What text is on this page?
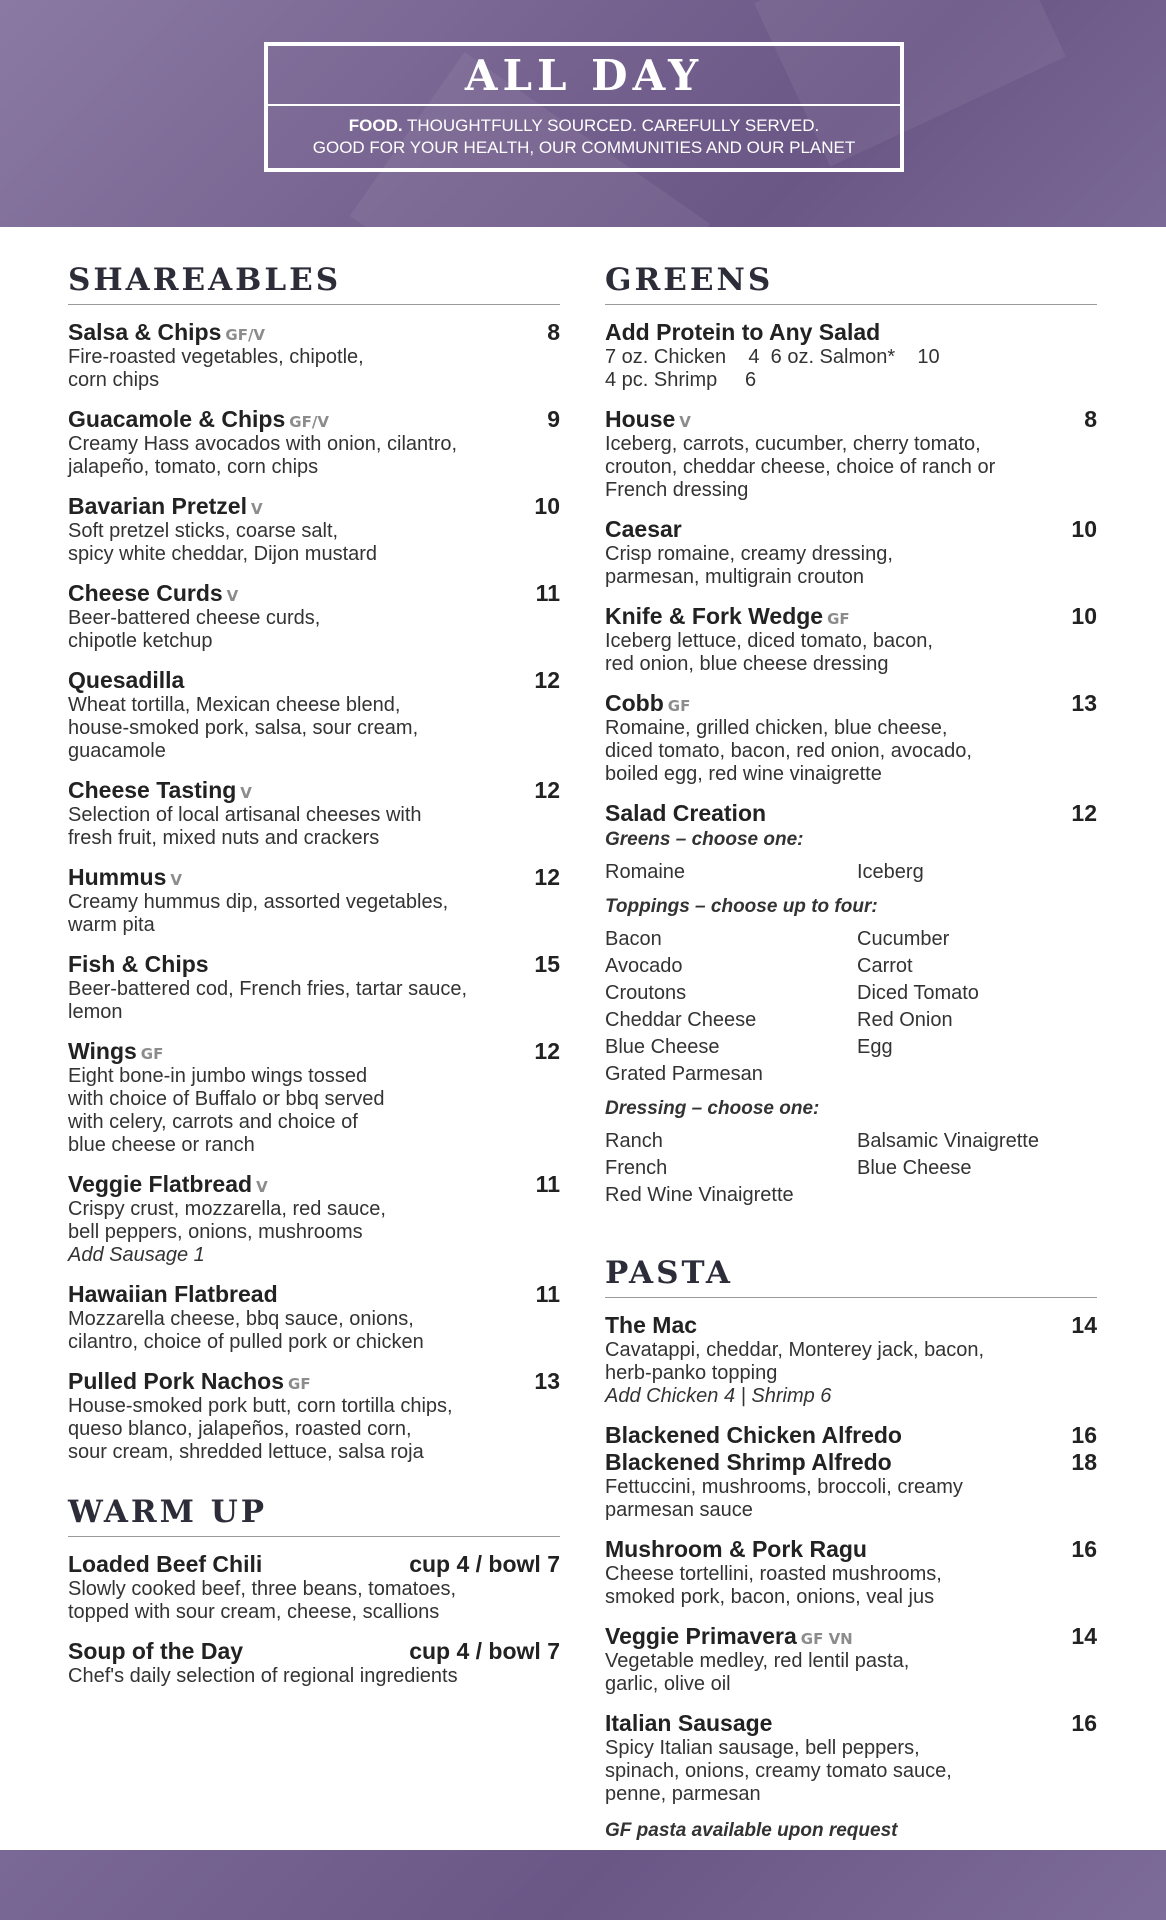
ALL DAY
FOOD. THOUGHTFULLY SOURCED. CAREFULLY SERVED.
GOOD FOR YOUR HEALTH, OUR COMMUNITIES AND OUR PLANET
SHAREABLES
Salsa & Chips GF/V	8
Fire-roasted vegetables, chipotle,
corn chips
Guacamole & Chips GF/V	9
Creamy Hass avocados with onion, cilantro,
jalapeño, tomato, corn chips
Bavarian Pretzel V	10
Soft pretzel sticks, coarse salt,
spicy white cheddar, Dijon mustard
Cheese Curds V	11
Beer-battered cheese curds,
chipotle ketchup
Quesadilla	12
Wheat tortilla, Mexican cheese blend,
house-smoked pork, salsa, sour cream,
guacamole
Cheese Tasting V	12
Selection of local artisanal cheeses with
fresh fruit, mixed nuts and crackers
Hummus V	12
Creamy hummus dip, assorted vegetables,
warm pita
Fish & Chips	15
Beer-battered cod, French fries, tartar sauce,
lemon
Wings GF	12
Eight bone-in jumbo wings tossed
with choice of Buffalo or bbq served
with celery, carrots and choice of
blue cheese or ranch
Veggie Flatbread V	11
Crispy crust, mozzarella, red sauce,
bell peppers, onions, mushrooms
Add Sausage 1
Hawaiian Flatbread	11
Mozzarella cheese, bbq sauce, onions,
cilantro, choice of pulled pork or chicken
Pulled Pork Nachos GF	13
House-smoked pork butt, corn tortilla chips,
queso blanco, jalapeños, roasted corn,
sour cream, shredded lettuce, salsa roja
WARM UP
Loaded Beef Chili	cup 4 / bowl 7
Slowly cooked beef, three beans, tomatoes,
topped with sour cream, cheese, scallions
Soup of the Day	cup 4 / bowl 7
Chef's daily selection of regional ingredients
GREENS
Add Protein to Any Salad
7 oz. Chicken    4  6 oz. Salmon*    10
4 pc. Shrimp     6
House V	8
Iceberg, carrots, cucumber, cherry tomato,
crouton, cheddar cheese, choice of ranch or
French dressing
Caesar	10
Crisp romaine, creamy dressing,
parmesan, multigrain crouton
Knife & Fork Wedge GF	10
Iceberg lettuce, diced tomato, bacon,
red onion, blue cheese dressing
Cobb GF	13
Romaine, grilled chicken, blue cheese,
diced tomato, bacon, red onion, avocado,
boiled egg, red wine vinaigrette
Salad Creation	12
Greens – choose one:
Romaine	Iceberg
Toppings – choose up to four:
Bacon	Cucumber
Avocado	Carrot
Croutons	Diced Tomato
Cheddar Cheese	Red Onion
Blue Cheese	Egg
Grated Parmesan
Dressing – choose one:
Ranch	Balsamic Vinaigrette
French	Blue Cheese
Red Wine Vinaigrette
PASTA
The Mac	14
Cavatappi, cheddar, Monterey jack, bacon,
herb-panko topping
Add Chicken 4 | Shrimp 6
Blackened Chicken Alfredo	16
Blackened Shrimp Alfredo	18
Fettuccini, mushrooms, broccoli, creamy
parmesan sauce
Mushroom & Pork Ragu	16
Cheese tortellini, roasted mushrooms,
smoked pork, bacon, onions, veal jus
Veggie Primavera GF VN	14
Vegetable medley, red lentil pasta,
garlic, olive oil
Italian Sausage	16
Spicy Italian sausage, bell peppers,
spinach, onions, creamy tomato sauce,
penne, parmesan
GF pasta available upon request
